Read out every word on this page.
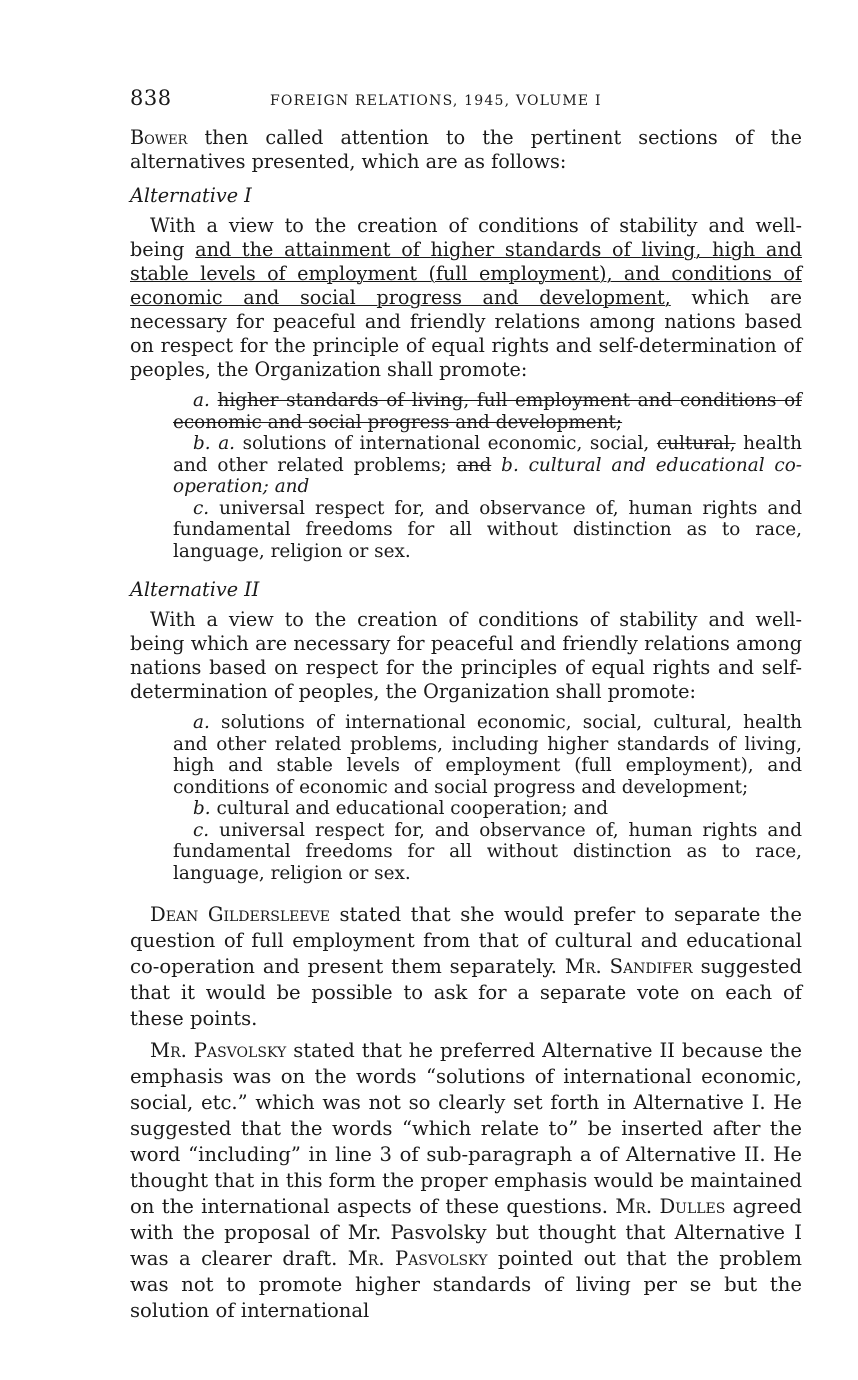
838	FOREIGN RELATIONS, 1945, VOLUME I

Bower then called attention to the pertinent sections of the alternatives presented, which are as follows:

Alternative I

With a view to the creation of conditions of stability and well-being and the attainment of higher standards of living, high and stable levels of employment (full employment), and conditions of economic and social progress and development, which are necessary for peaceful and friendly relations among nations based on respect for the principle of equal rights and self-determination of peoples, the Organization shall promote:

a. higher standards of living, full employment and conditions of economic and social progress and development;

b. a. solutions of international economic, social, cultural, health and other related problems; and b. cultural and educational co-operation; and

c. universal respect for, and observance of, human rights and fundamental freedoms for all without distinction as to race, language, religion or sex.

Alternative II

With a view to the creation of conditions of stability and well-being which are necessary for peaceful and friendly relations among nations based on respect for the principles of equal rights and self-determination of peoples, the Organization shall promote:

a. solutions of international economic, social, cultural, health and other related problems, including higher standards of living, high and stable levels of employment (full employment), and conditions of economic and social progress and development;

b. cultural and educational cooperation; and

c. universal respect for, and observance of, human rights and fundamental freedoms for all without distinction as to race, language, religion or sex.

Dean Gildersleeve stated that she would prefer to separate the question of full employment from that of cultural and educational co-operation and present them separately. Mr. Sandifer suggested that it would be possible to ask for a separate vote on each of these points.

Mr. Pasvolsky stated that he preferred Alternative II because the emphasis was on the words “solutions of international economic, social, etc.” which was not so clearly set forth in Alternative I. He suggested that the words “which relate to” be inserted after the word “including” in line 3 of sub-paragraph a of Alternative II. He thought that in this form the proper emphasis would be maintained on the international aspects of these questions. Mr. Dulles agreed with the proposal of Mr. Pasvolsky but thought that Alternative I was a clearer draft. Mr. Pasvolsky pointed out that the problem was not to promote higher standards of living per se but the solution of international
